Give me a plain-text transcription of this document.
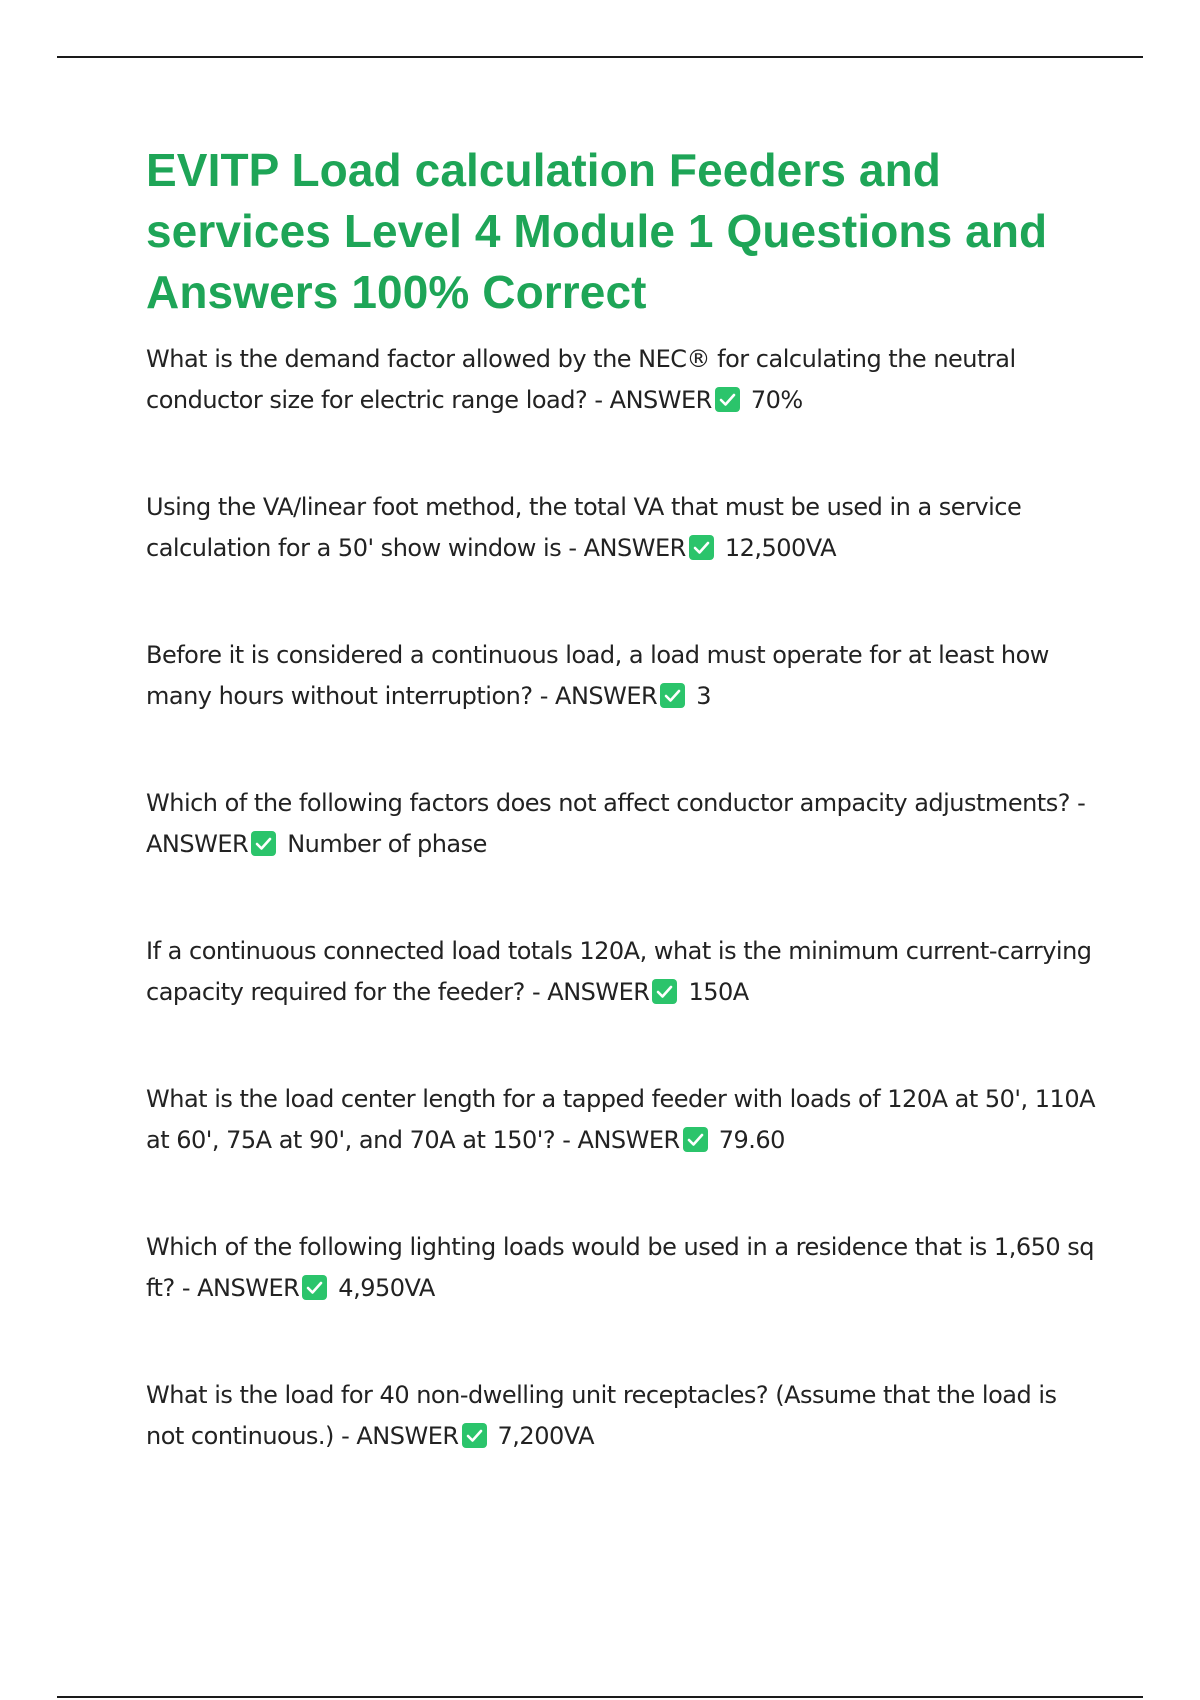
EVITP Load calculation Feeders and services Level 4 Module 1 Questions and Answers 100% Correct

What is the demand factor allowed by the NEC® for calculating the neutral conductor size for electric range load? - ANSWER 70%

Using the VA/linear foot method, the total VA that must be used in a service calculation for a 50' show window is - ANSWER 12,500VA

Before it is considered a continuous load, a load must operate for at least how many hours without interruption? - ANSWER 3

Which of the following factors does not affect conductor ampacity adjustments? - ANSWER Number of phase

If a continuous connected load totals 120A, what is the minimum current-carrying capacity required for the feeder? - ANSWER 150A

What is the load center length for a tapped feeder with loads of 120A at 50', 110A at 60', 75A at 90', and 70A at 150'? - ANSWER 79.60

Which of the following lighting loads would be used in a residence that is 1,650 sq ft? - ANSWER 4,950VA

What is the load for 40 non-dwelling unit receptacles? (Assume that the load is not continuous.) - ANSWER 7,200VA
